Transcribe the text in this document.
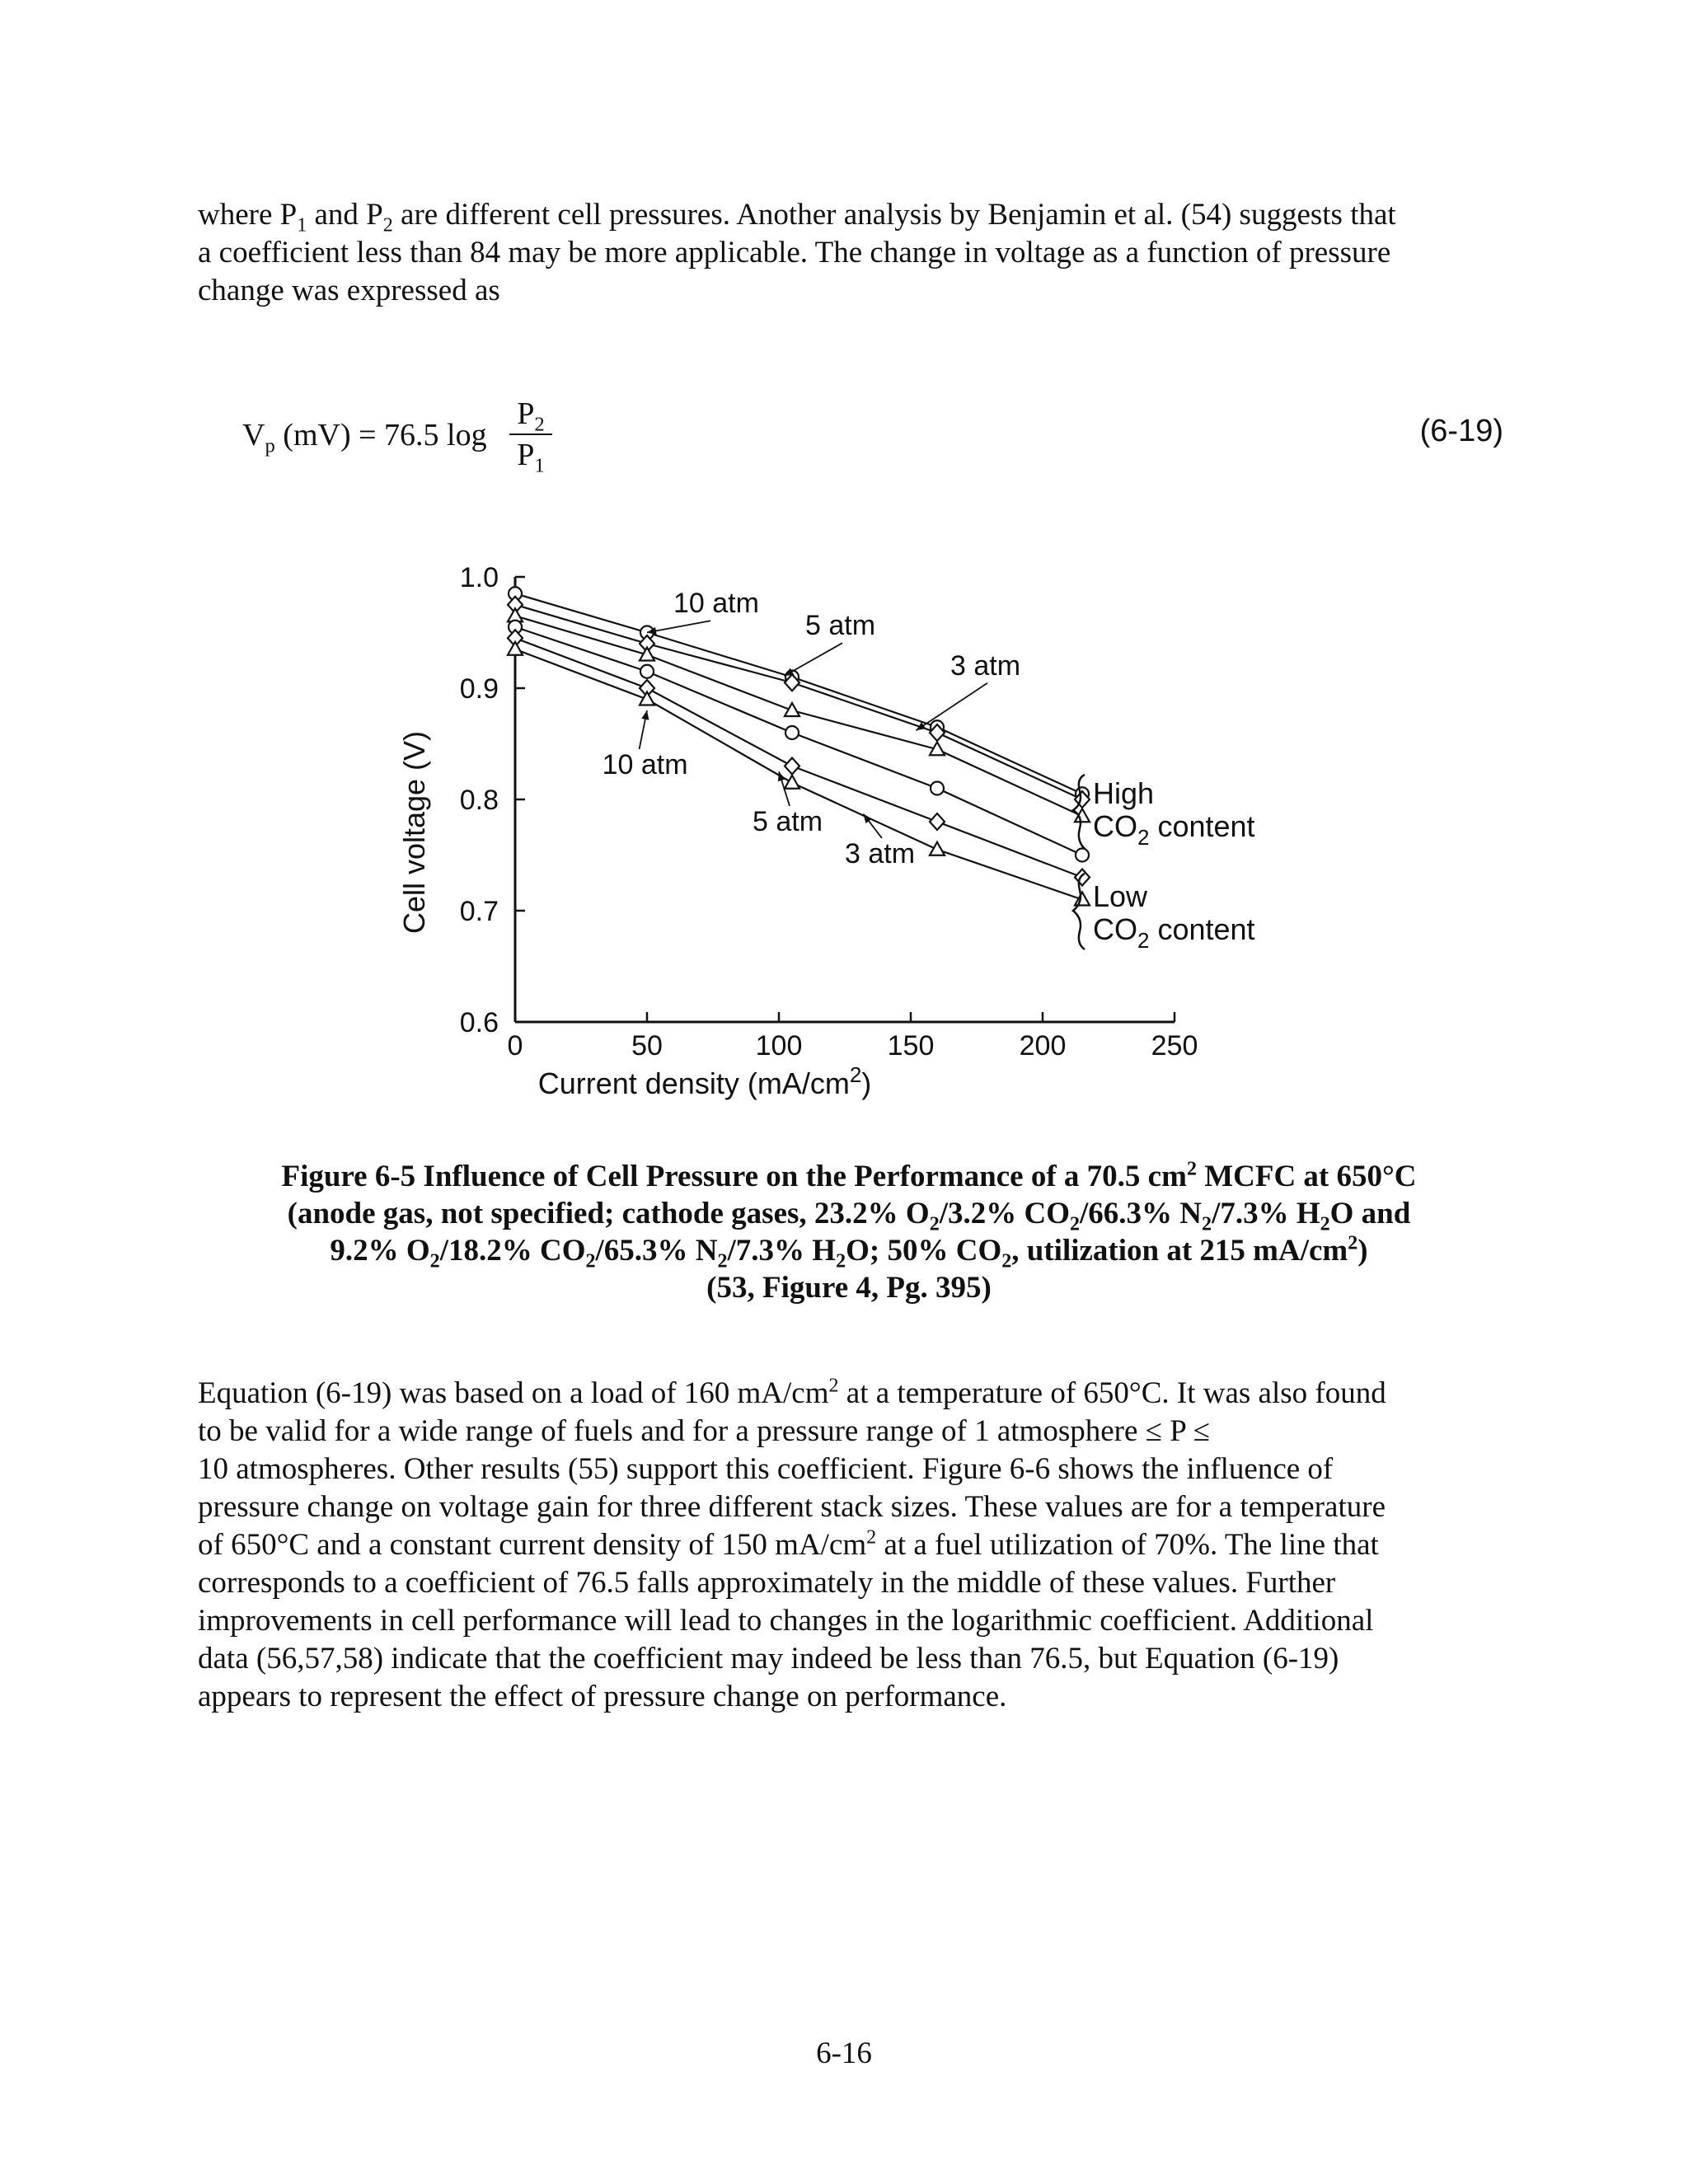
where $P_1$ and $P_2$ are different cell pressures. Another analysis by Benjamin et al. (54) suggests that

a coefficient less than 84 may be more applicable. The change in voltage as a function of pressure

change was expressed as

$V_p$ (mV) = 76.5 log
$P_2$
$P_1$
(6-19)
0	50	100	150	200	250
0.6
0.7
0.8
0.9
1.0
10 atm
5 atm
3 atm
10 atm
5 atm
3 atm
High
$CO_2$ content
Low
$CO_2$ content
Cell voltage (V)
Current density $(mA/cm^2)$

Figure 6-5 Influence of Cell Pressure on the Performance of a 70.5 $cm^2$ MCFC at 650°C

(anode gas, not specified; cathode gases, 23.2% $O_2/3.2\%$ $CO_2/66.3\%$ $N_2/7.3\%$ $H_2O$ and

9.2% $O_2/18.2\%$ $CO_2/65.3\%$ $N_2/7.3\%$ $H_2O$; 50% $CO_2$, utilization at 215 $mA/cm^2$)

(53, Figure 4, Pg. 395)

Equation (6-19) was based on a load of 160 $mA/cm^2$ at a temperature of 650°C. It was also found

to be valid for a wide range of fuels and for a pressure range of 1 atmosphere ≤ P ≤

10 atmospheres. Other results (55) support this coefficient. Figure 6-6 shows the influence of

pressure change on voltage gain for three different stack sizes. These values are for a temperature

of 650°C and a constant current density of 150 $mA/cm^2$ at a fuel utilization of 70%. The line that

corresponds to a coefficient of 76.5 falls approximately in the middle of these values. Further

improvements in cell performance will lead to changes in the logarithmic coefficient. Additional

data (56,57,58) indicate that the coefficient may indeed be less than 76.5, but Equation (6-19)

appears to represent the effect of pressure change on performance.

6-16
